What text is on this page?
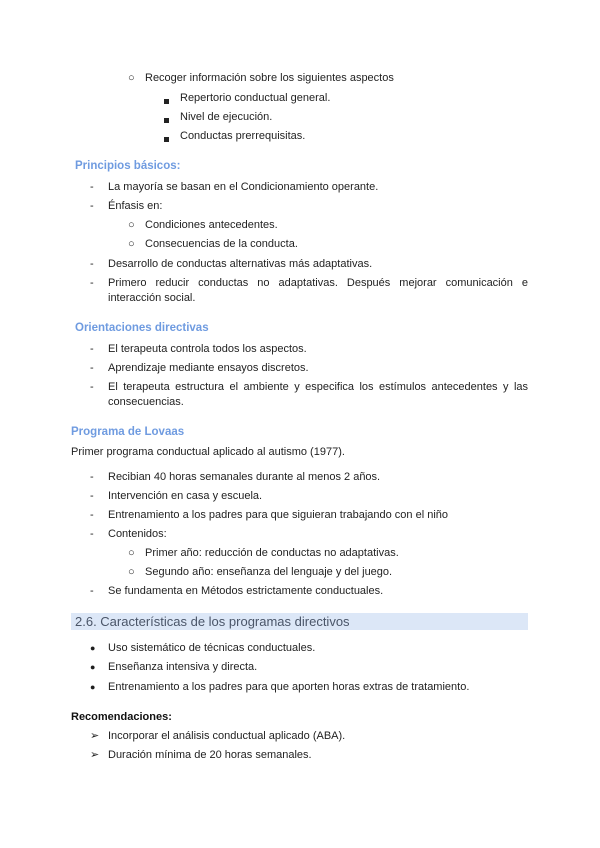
○ Recoger información sobre los siguientes aspectos
Repertorio conductual general.
Nivel de ejecución.
Conductas prerrequisitas.
Principios básicos:
- La mayoría se basan en el Condicionamiento operante.
- Énfasis en:
○ Condiciones antecedentes.
○ Consecuencias de la conducta.
- Desarrollo de conductas alternativas más adaptativas.
- Primero reducir conductas no adaptativas. Después mejorar comunicación e interacción social.
Orientaciones directivas
- El terapeuta controla todos los aspectos.
- Aprendizaje mediante ensayos discretos.
- El terapeuta estructura el ambiente y especifica los estímulos antecedentes y las consecuencias.
Programa de Lovaas
Primer programa conductual aplicado al autismo (1977).
- Recibian 40 horas semanales durante al menos 2 años.
- Intervención en casa y escuela.
- Entrenamiento a los padres para que siguieran trabajando con el niño
- Contenidos:
○ Primer año: reducción de conductas no adaptativas.
○ Segundo año: enseñanza del lenguaje y del juego.
- Se fundamenta en Métodos estrictamente conductuales.
2.6. Características de los programas directivos
● Uso sistemático de técnicas conductuales.
● Enseñanza intensiva y directa.
● Entrenamiento a los padres para que aporten horas extras de tratamiento.
Recomendaciones:
➢ Incorporar el análisis conductual aplicado (ABA).
➢ Duración mínima de 20 horas semanales.
